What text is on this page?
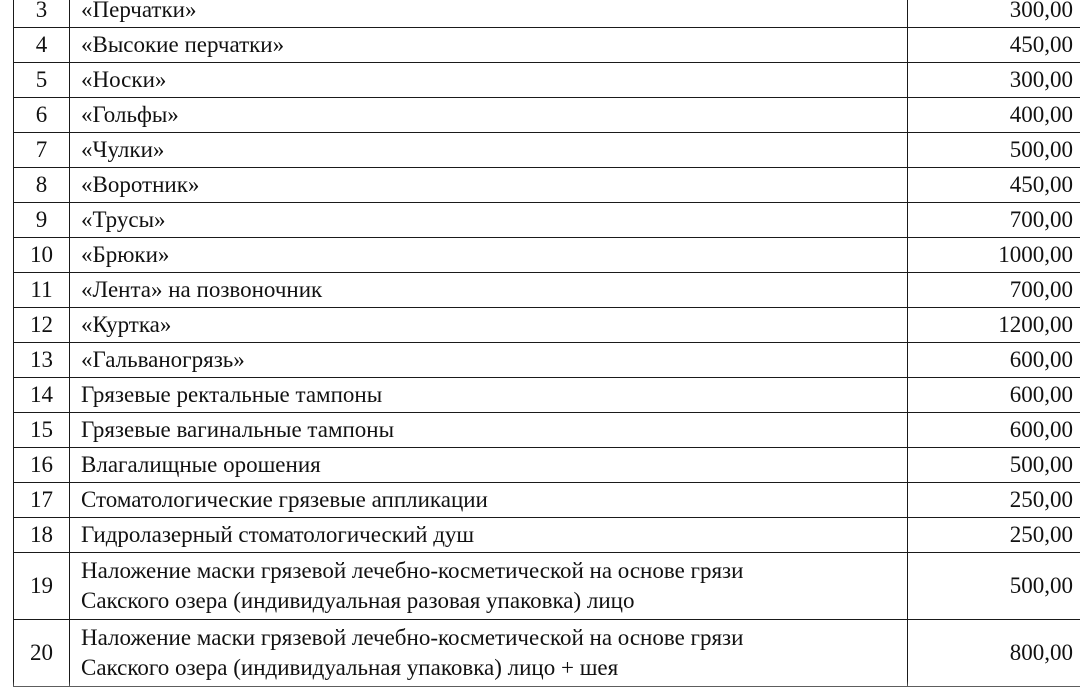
3	«Перчатки»	300,00
4	«Высокие перчатки»	450,00
5	«Носки»	300,00
6	«Гольфы»	400,00
7	«Чулки»	500,00
8	«Воротник»	450,00
9	«Трусы»	700,00
10	«Брюки»	1000,00
11	«Лента» на позвоночник	700,00
12	«Куртка»	1200,00
13	«Гальваногрязь»	600,00
14	Грязевые ректальные тампоны	600,00
15	Грязевые вагинальные тампоны	600,00
16	Влагалищные орошения	500,00
17	Стоматологические грязевые аппликации	250,00
18	Гидролазерный стоматологический душ	250,00
19	Наложение маски грязевой лечебно-косметической на основе грязи
Сакского озера (индивидуальная разовая упаковка) лицо	500,00
20	Наложение маски грязевой лечебно-косметической на основе грязи
Сакского озера (индивидуальная упаковка) лицо + шея	800,00
